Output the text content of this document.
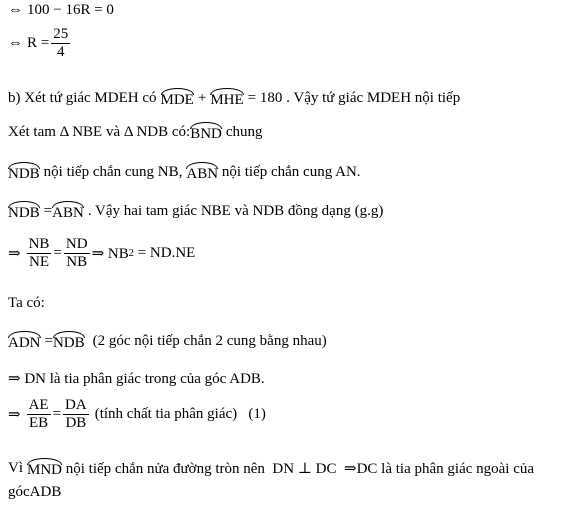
⇔ 100 − 16R = 0
⇔ $R = \frac{25}{4}$
b) Xét tứ giác MDEH có MDE + MHE = 180 . Vậy tứ giác MDEH nội tiếp
Xét tam Δ NBE và Δ NDB có: BND chung
NDB nội tiếp chắn cung NB, ABN nội tiếp chắn cung AN.
NDB = ABN . Vậy hai tam giác NBE và NDB đồng dạng (g.g)
⇒ $\frac{NB}{NE} = \frac{ND}{NB}$ ⇒ NB 2 = ND.NE
Ta có:
ADN = NDB (2 góc nội tiếp chắn 2 cung bằng nhau)
⇒ DN là tia phân giác trong của góc ADB.
⇒ $\frac{AE}{EB} = \frac{DA}{DB}$ (tính chất tia phân giác)   (1)
Vì MND nội tiếp chắn nửa đường tròn nên  DN ⊥ DC  ⇒DC là tia phân giác ngoài của
gócADB
